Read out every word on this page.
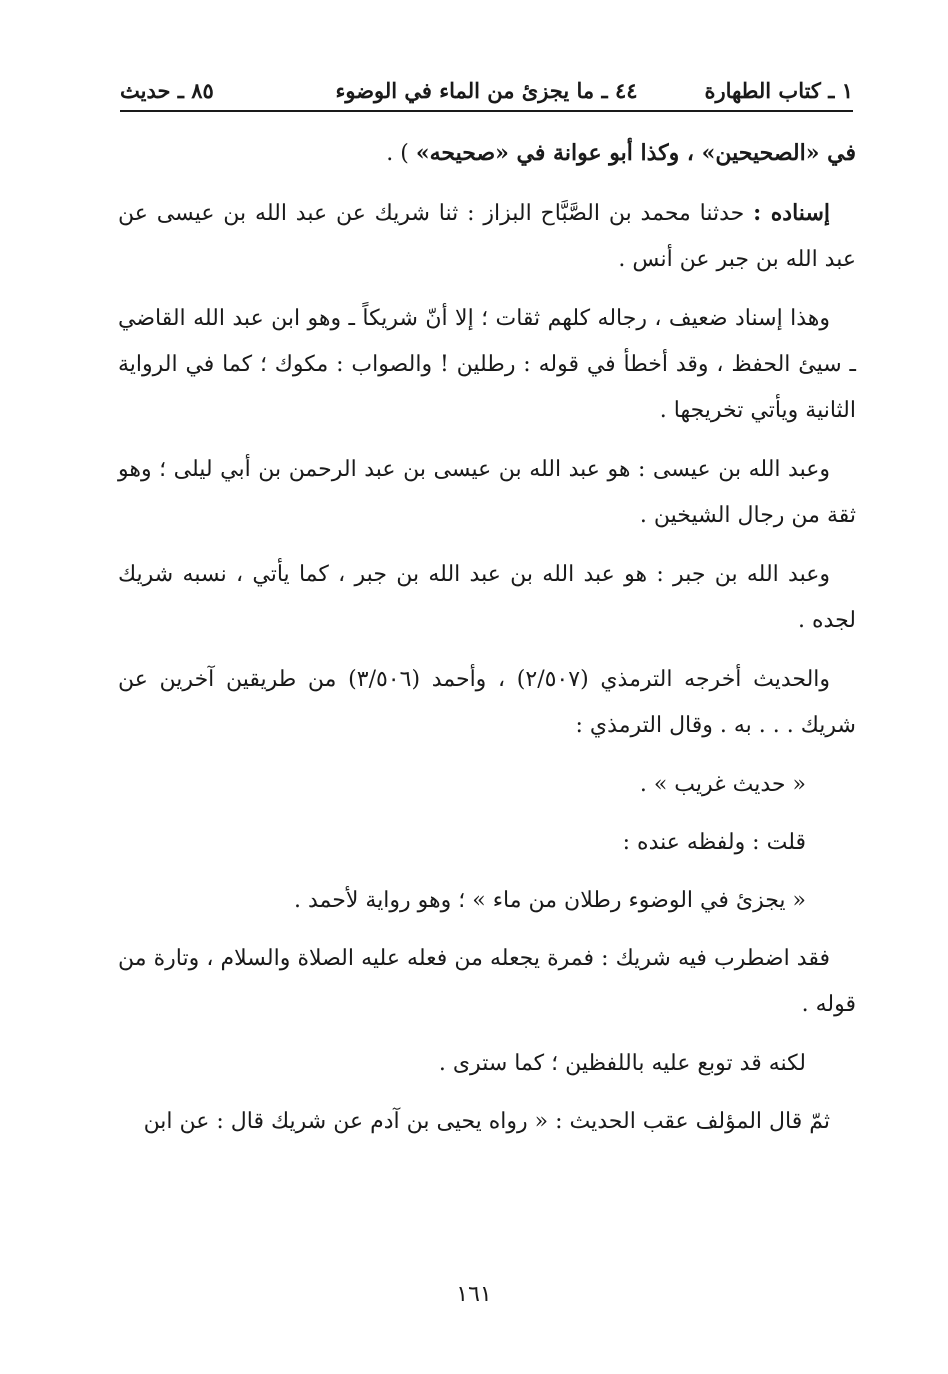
١ ـ كتاب الطهارة
٤٤ ـ ما يجزئ من الماء في الوضوء
٨٥ ـ حديث

في «الصحيحين» ، وكذا أبو عوانة في «صحيحه» ) .

إسناده : حدثنا محمد بن الصَّبَّاح البزاز : ثنا شريك عن عبد الله بن عيسى عن عبد الله بن جبر عن أنس .

وهذا إسناد ضعيف ، رجاله كلهم ثقات ؛ إلا أنّ شريكاً ـ وهو ابن عبد الله القاضي ـ سيئ الحفظ ، وقد أخطأ في قوله : رطلين ! والصواب : مكوك ؛ كما في الرواية الثانية ويأتي تخريجها .

وعبد الله بن عيسى : هو عبد الله بن عيسى بن عبد الرحمن بن أبي ليلى ؛ وهو ثقة من رجال الشيخين .

وعبد الله بن جبر : هو عبد الله بن عبد الله بن جبر ، كما يأتي ، نسبه شريك لجده .

والحديث أخرجه الترمذي (٢/٥٠٧) ، وأحمد (٣/٥٠٦) من طريقين آخرين عن شريك . . . به . وقال الترمذي :

« حديث غريب » .

قلت : ولفظه عنده :

« يجزئ في الوضوء رطلان من ماء » ؛ وهو رواية لأحمد .

فقد اضطرب فيه شريك : فمرة يجعله من فعله عليه الصلاة والسلام ، وتارة من قوله .

لكنه قد توبع عليه باللفظين ؛ كما سترى .

ثمّ قال المؤلف عقب الحديث : « رواه يحيى بن آدم عن شريك قال : عن ابن

١٦١
